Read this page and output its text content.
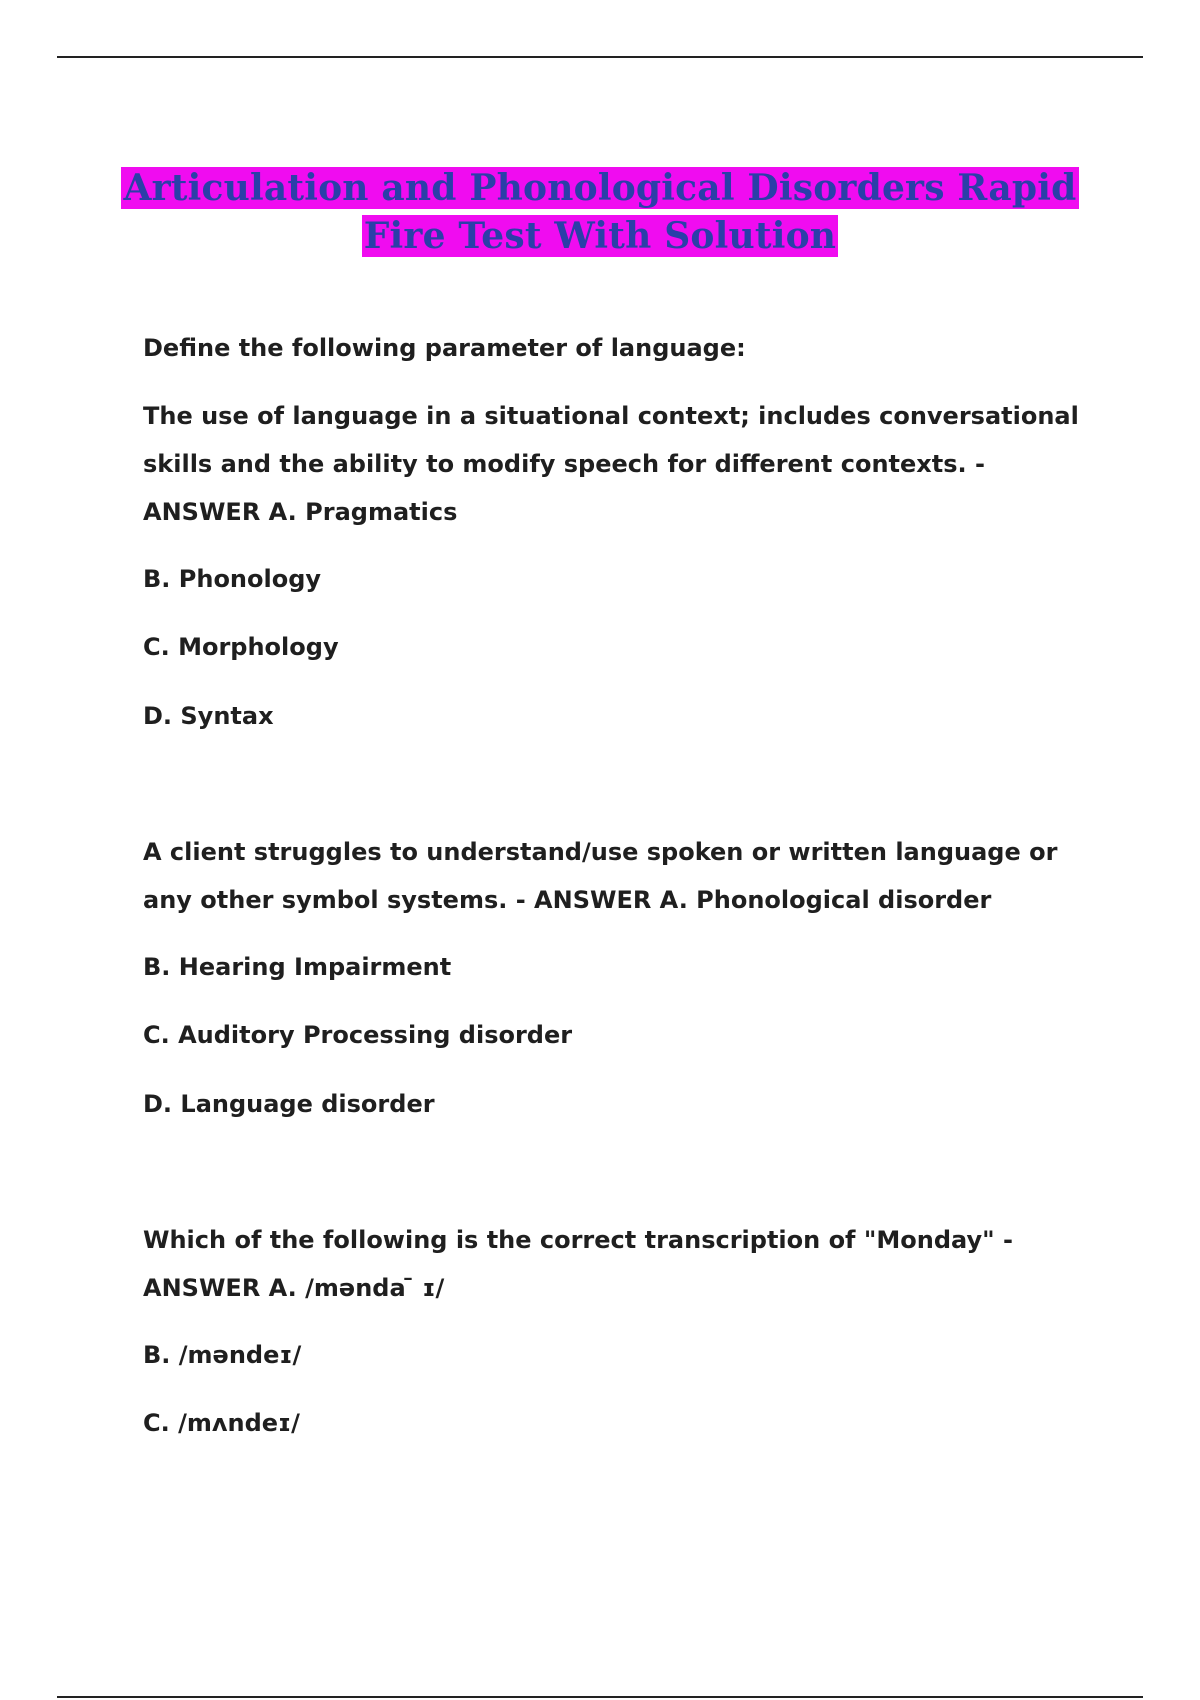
Articulation and Phonological Disorders Rapid Fire Test With Solution

Define the following parameter of language:

The use of language in a situational context; includes conversational skills and the ability to modify speech for different contexts. - ANSWER A. Pragmatics

B. Phonology

C. Morphology

D. Syntax

A client struggles to understand/use spoken or written language or any other symbol systems. - ANSWER A. Phonological disorder

B. Hearing Impairment

C. Auditory Processing disorder

D. Language disorder

Which of the following is the correct transcription of "Monday" - ANSWER A. /mənda ̄ ɪ/

B. /məndeɪ/

C. /mʌndeɪ/
